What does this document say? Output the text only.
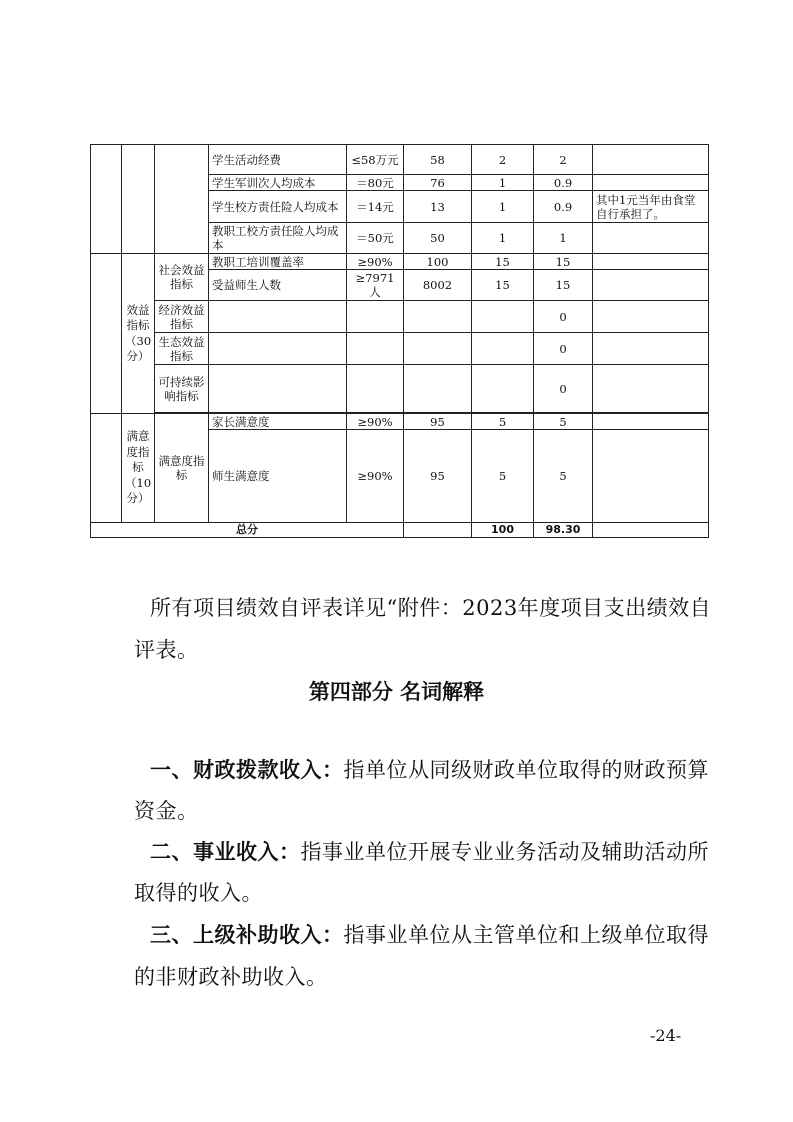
			学生活动经费	≤58万元	58	2	2	
			学生军训次人均成本	＝80元	76	1	0.9	
			学生校方责任险人均成本	＝14元	13	1	0.9	其中1元当年由食堂自行承担了。
			教职工校方责任险人均成本	＝50元	50	1	1	
	效益指标（30分）	社会效益指标	教职工培训覆盖率	≥90%	100	15	15	
			受益师生人数	≥7971人	8002	15	15	
		经济效益指标					0	
		生态效益指标					0	
		可持续影响指标					0	

	满意度指标（10分）	满意度指标	家长满意度	≥90%	95	5	5	
			师生满意度	≥90%	95	5	5	
总分						100	98.30	
所有项目绩效自评表详见“附件：2023年度项目支出绩效自
评表。
第四部分 名词解释
一、财政拨款收入：指单位从同级财政单位取得的财政预算
资金。
二、事业收入：指事业单位开展专业业务活动及辅助活动所
取得的收入。
三、上级补助收入：指事业单位从主管单位和上级单位取得
的非财政补助收入。
-24-
